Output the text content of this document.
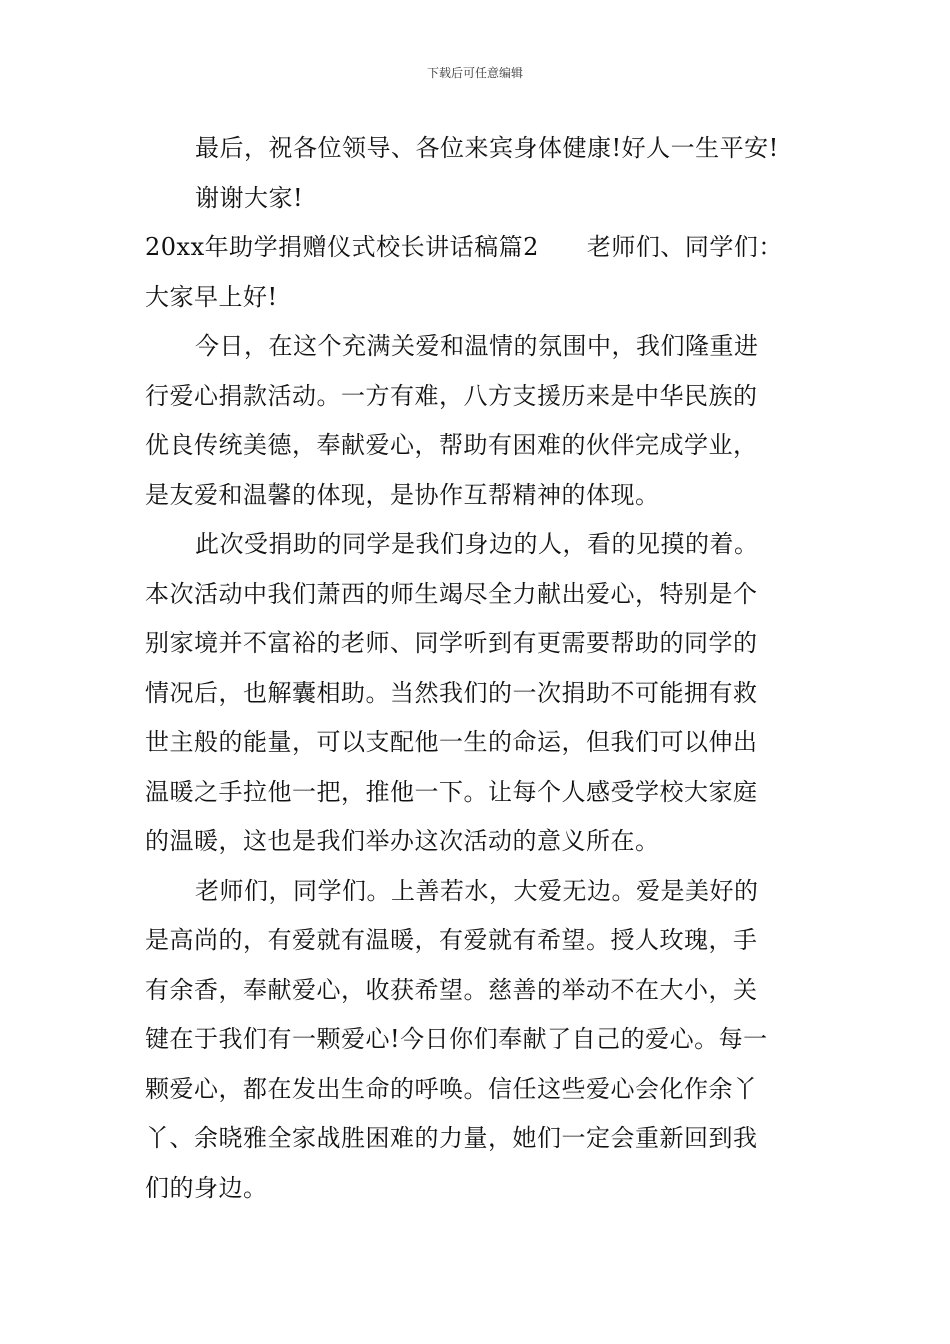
下载后可任意编辑

最后，祝各位领导、各位来宾身体健康!好人一生平安!

谢谢大家!

20xx年助学捐赠仪式校长讲话稿篇2 老师们、同学们：

大家早上好!

今日，在这个充满关爱和温情的氛围中，我们隆重进

行爱心捐款活动。一方有难，八方支援历来是中华民族的

优良传统美德，奉献爱心，帮助有困难的伙伴完成学业，

是友爱和温馨的体现，是协作互帮精神的体现。

此次受捐助的同学是我们身边的人，看的见摸的着。

本次活动中我们萧西的师生竭尽全力献出爱心，特别是个

别家境并不富裕的老师、同学听到有更需要帮助的同学的

情况后，也解囊相助。当然我们的一次捐助不可能拥有救

世主般的能量，可以支配他一生的命运，但我们可以伸出

温暖之手拉他一把，推他一下。让每个人感受学校大家庭

的温暖，这也是我们举办这次活动的意义所在。

老师们，同学们。上善若水，大爱无边。爱是美好的

是高尚的，有爱就有温暖，有爱就有希望。授人玫瑰，手

有余香，奉献爱心，收获希望。慈善的举动不在大小，关

键在于我们有一颗爱心!今日你们奉献了自己的爱心。每一

颗爱心，都在发出生命的呼唤。信任这些爱心会化作余丫

丫、余晓雅全家战胜困难的力量，她们一定会重新回到我

们的身边。
